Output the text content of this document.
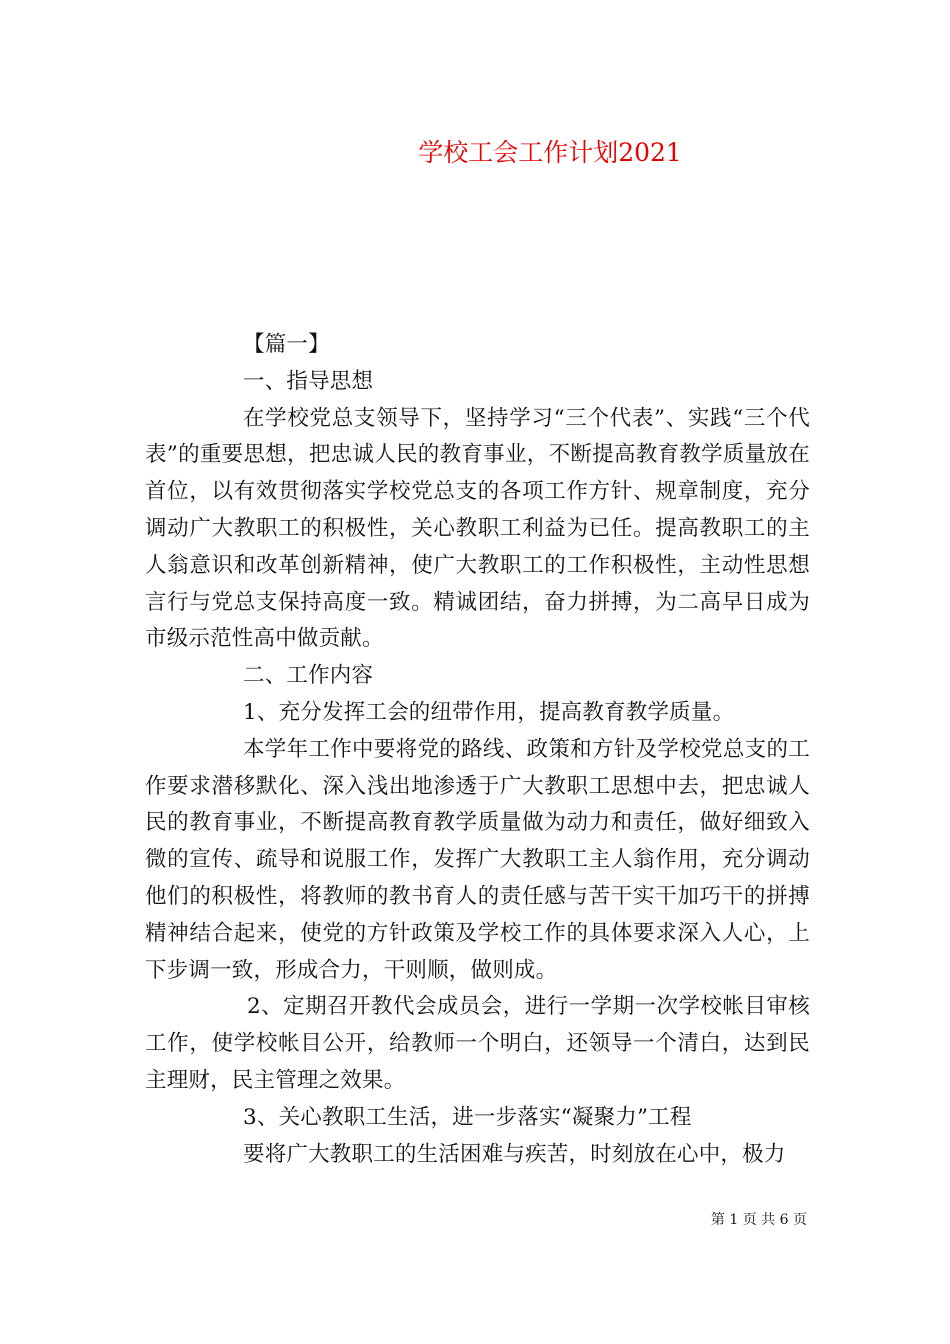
学校工会工作计划2021

【篇一】

一、指导思想

在学校党总支领导下，坚持学习“三个代表”、实践“三个代表”的重要思想，把忠诚人民的教育事业，不断提高教育教学质量放在首位，以有效贯彻落实学校党总支的各项工作方针、规章制度，充分调动广大教职工的积极性，关心教职工利益为已任。提高教职工的主人翁意识和改革创新精神，使广大教职工的工作积极性，主动性思想言行与党总支保持高度一致。精诚团结，奋力拼搏，为二高早日成为市级示范性高中做贡献。

二、工作内容

1、充分发挥工会的纽带作用，提高教育教学质量。

本学年工作中要将党的路线、政策和方针及学校党总支的工作要求潜移默化、深入浅出地渗透于广大教职工思想中去，把忠诚人民的教育事业，不断提高教育教学质量做为动力和责任，做好细致入微的宣传、疏导和说服工作，发挥广大教职工主人翁作用，充分调动他们的积极性，将教师的教书育人的责任感与苦干实干加巧干的拼搏精神结合起来，使党的方针政策及学校工作的具体要求深入人心，上下步调一致，形成合力，干则顺，做则成。

2、定期召开教代会成员会，进行一学期一次学校帐目审核工作，使学校帐目公开，给教师一个明白，还领导一个清白，达到民主理财，民主管理之效果。

3、关心教职工生活，进一步落实“凝聚力”工程

要将广大教职工的生活困难与疾苦，时刻放在心中，极力

第 1 页 共 6 页
